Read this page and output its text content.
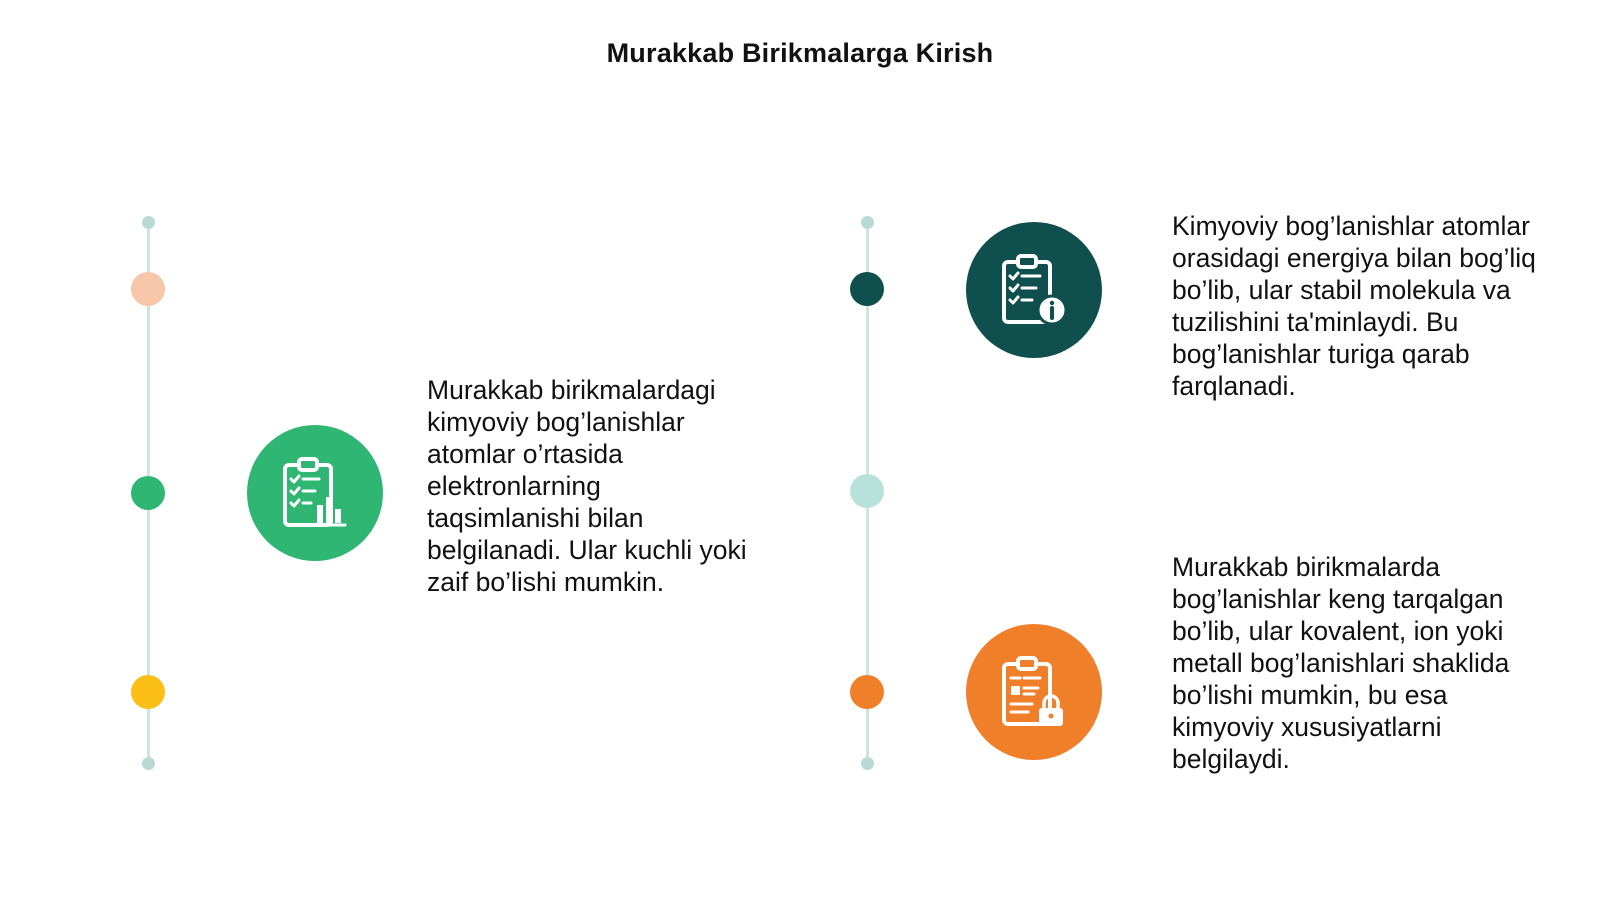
Murakkab Birikmalarga Kirish

Murakkab birikmalardagi kimyoviy bog’lanishlar atomlar o’rtasida elektronlarning taqsimlanishi bilan belgilanadi. Ular kuchli yoki zaif bo’lishi mumkin.

Kimyoviy bog’lanishlar atomlar orasidagi energiya bilan bog’liq bo’lib, ular stabil molekula va tuzilishini ta'minlaydi. Bu bog’lanishlar turiga qarab farqlanadi.

Murakkab birikmalarda bog’lanishlar keng tarqalgan bo’lib, ular kovalent, ion yoki metall bog’lanishlari shaklida bo’lishi mumkin, bu esa kimyoviy xususiyatlarni belgilaydi.
